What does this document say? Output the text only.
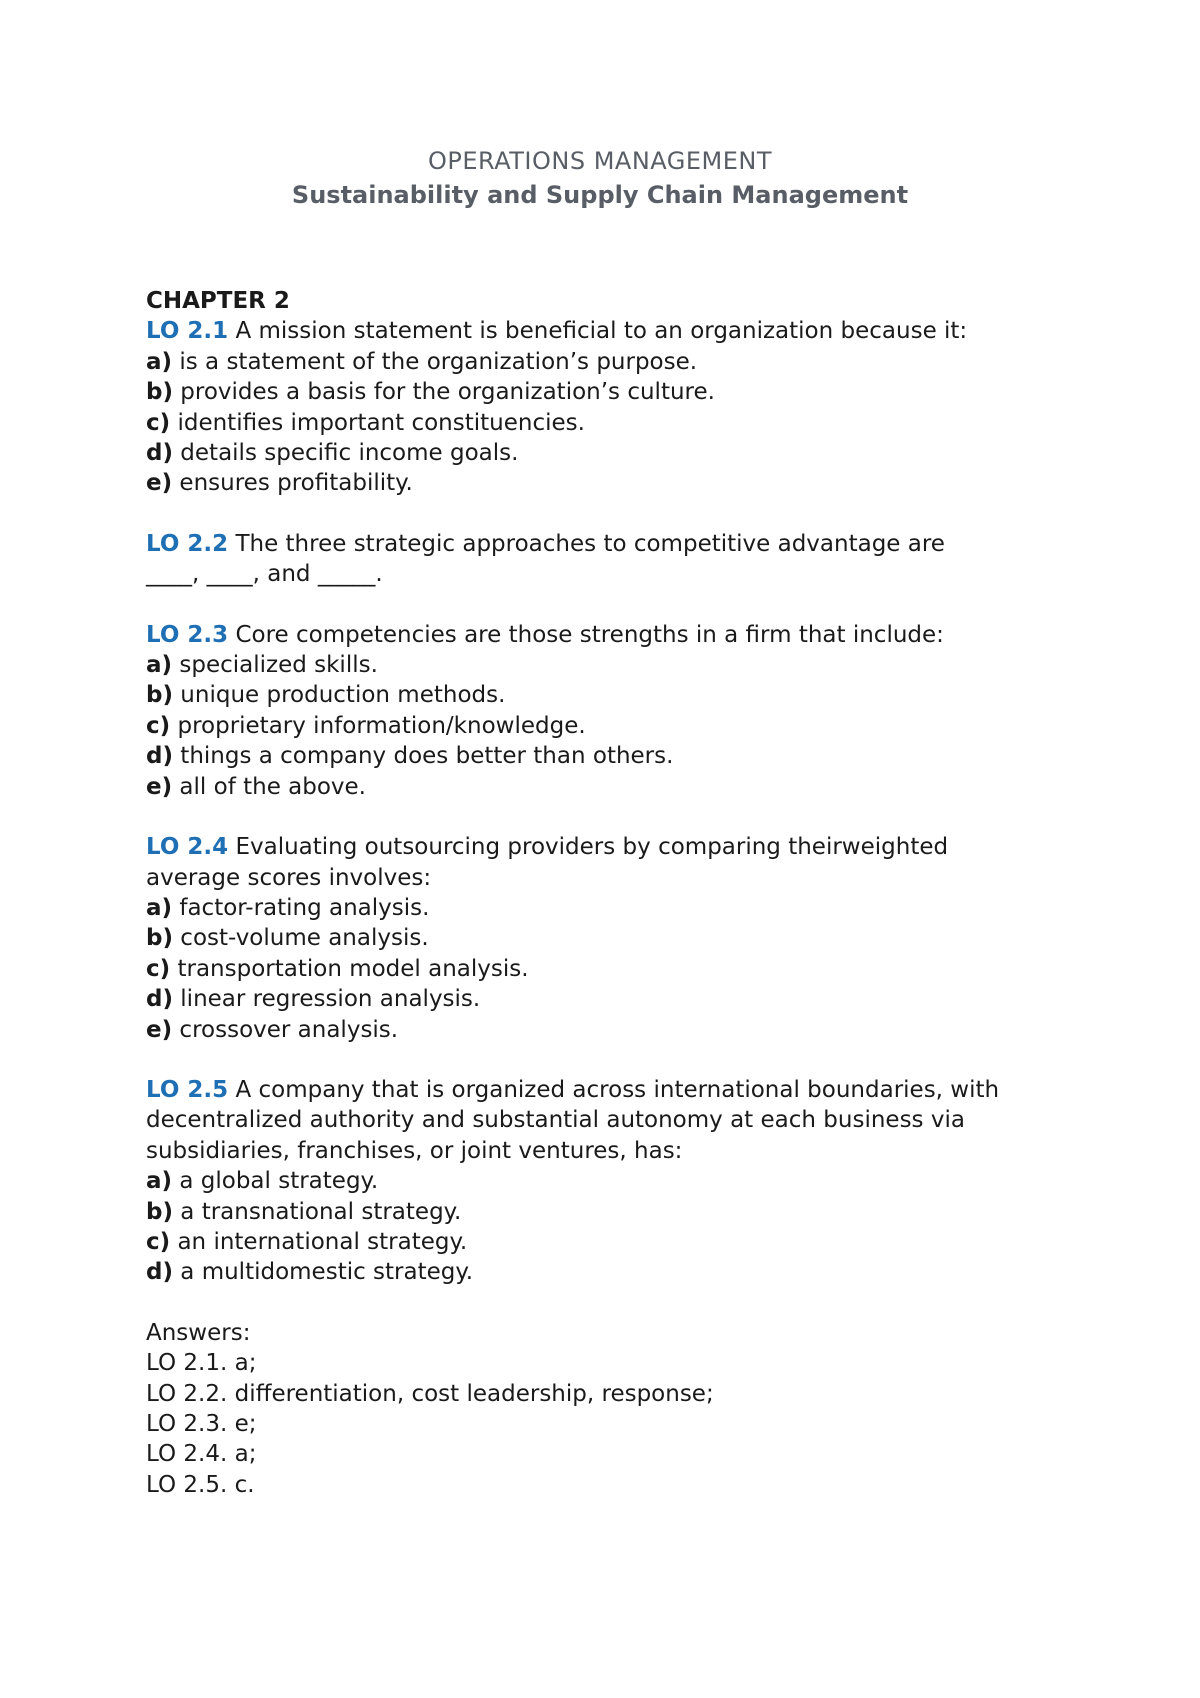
OPERATIONS MANAGEMENT
Sustainability and Supply Chain Management
CHAPTER 2
LO 2.1 A mission statement is beneficial to an organization because it:
a) is a statement of the organization’s purpose.
b) provides a basis for the organization’s culture.
c) identifies important constituencies.
d) details specific income goals.
e) ensures profitability.
LO 2.2 The three strategic approaches to competitive advantage are
____, ____, and _____.
LO 2.3 Core competencies are those strengths in a firm that include:
a) specialized skills.
b) unique production methods.
c) proprietary information/knowledge.
d) things a company does better than others.
e) all of the above.
LO 2.4 Evaluating outsourcing providers by comparing theirweighted
average scores involves:
a) factor-rating analysis.
b) cost-volume analysis.
c) transportation model analysis.
d) linear regression analysis.
e) crossover analysis.
LO 2.5 A company that is organized across international boundaries, with
decentralized authority and substantial autonomy at each business via
subsidiaries, franchises, or joint ventures, has:
a) a global strategy.
b) a transnational strategy.
c) an international strategy.
d) a multidomestic strategy.
Answers:
LO 2.1. a;
LO 2.2. differentiation, cost leadership, response;
LO 2.3. e;
LO 2.4. a;
LO 2.5. c.
